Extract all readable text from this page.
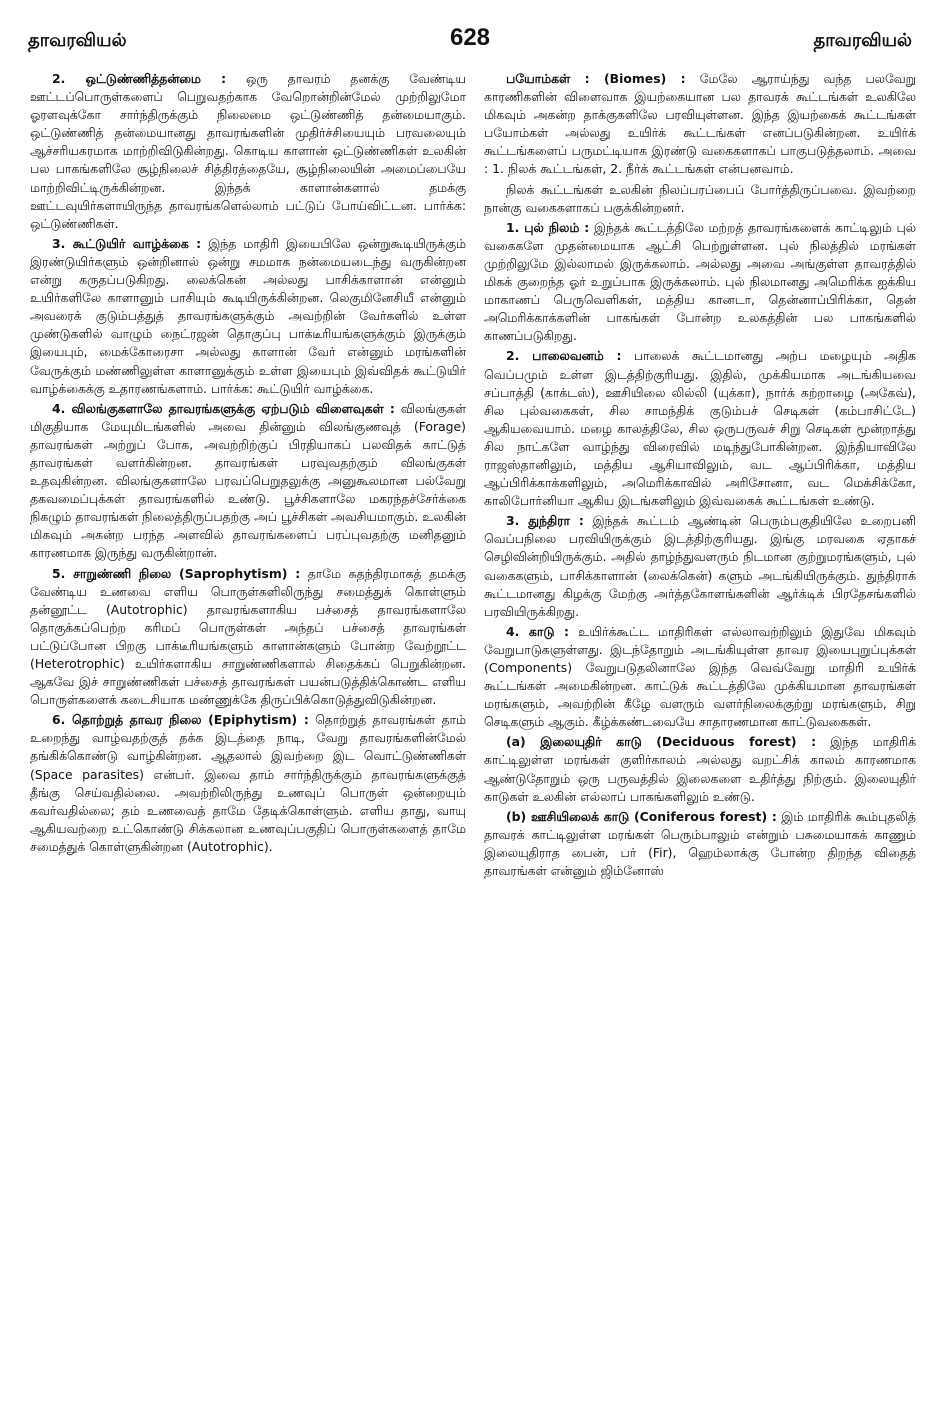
தாவரவியல்	628	தாவரவியல்

2. ஒட்டுண்ணித்தன்மை : ஒரு தாவரம் தனக்கு வேண்டிய ஊட்டப்பொருள்களைப் பெறுவதற்காக வேறொன்றின்மேல் முற்றிலுமோ ஓரளவுக்கோ சார்ந்திருக்கும் நிலைமை ஒட்டுண்ணித் தன்மையாகும். ஒட்டுண்ணித் தன்மையானது தாவரங்களின் முதிர்ச்சியையும் பரவலையும் ஆச்சரியகரமாக மாற்றிவிடுகின்றது. கொடிய காளான் ஒட்டுண்ணிகள் உலகின் பல பாகங்களிலே சூழ்நிலைச் சித்திரத்தையே, சூழ்நிலையின் அமைப்பையே மாற்றிவிட்டிருக்கின்றன. இந்தக் காளான்களால் தமக்கு ஊட்டவுயிர்களாயிருந்த தாவரங்களெல்லாம் பட்டுப் போய்விட்டன. பார்க்க: ஒட்டுண்ணிகள்.

3. கூட்டுயிர் வாழ்க்கை : இந்த மாதிரி இயைபிலே ஒன்றுகூடியிருக்கும் இரண்டுயிர்களும் ஒன்றினால் ஒன்று சமமாக நன்மையடைந்து வருகின்றன என்று கருதப்படுகிறது. லைக்கென் அல்லது பாசிக்காளான் என்னும் உயிர்களிலே காளானும் பாசியும் கூடியிருக்கின்றன. லெகுமினேசியீ என்னும் அவரைக் குடும்பத்துத் தாவரங்களுக்கும் அவற்றின் வேர்களில் உள்ள முண்டுகளில் வாழும் நைட்ரஜன் தொகுப்பு பாக்டீரியங்களுக்கும் இருக்கும் இயைபும், மைக்கோரைசா அல்லது காளான் வேர் என்னும் மரங்களின் வேருக்கும் மண்ணிலுள்ள காளானுக்கும் உள்ள இயைபும் இவ்விதக் கூட்டுயிர் வாழ்க்கைக்கு உதாரணங்களாம். பார்க்க: கூட்டுயிர் வாழ்க்கை.

4. விலங்குகளாலே தாவரங்களுக்கு ஏற்படும் விளைவுகள் : விலங்குகள் மிகுதியாக மேயுமிடங்களில் அவை தின்னும் விலங்குணவுத் (Forage) தாவரங்கள் அற்றுப் போக, அவற்றிற்குப் பிரதியாகப் பலவிதக் காட்டுத் தாவரங்கள் வளர்கின்றன. தாவரங்கள் பரவுவதற்கும் விலங்குகள் உதவுகின்றன. விலங்குகளாலே பரவப்பெறுதலுக்கு அனுகூலமான பல்வேறு தகவமைப்புக்கள் தாவரங்களில் உண்டு. பூச்சிகளாலே மகரந்தச்சேர்க்கை நிகழும் தாவரங்கள் நிலைத்திருப்பதற்கு அப் பூச்சிகள் அவசியமாகும். உலகின் மிகவும் அகன்ற பரந்த அளவில் தாவரங்களைப் பரப்புவதற்கு மனிதனும் காரணமாக இருந்து வருகின்றான்.

5. சாறுண்ணி நிலை (Saprophytism) : தாமே சுதந்திரமாகத் தமக்கு வேண்டிய உணவை எளிய பொருள்களிலிருந்து சமைத்துக் கொள்ளும் தன்னூட்ட (Autotrophic) தாவரங்களாகிய பச்சைத் தாவரங்களாலே தொகுக்கப்பெற்ற கரிமப் பொருள்கள் அந்தப் பச்சைத் தாவரங்கள் பட்டுப்போன பிறகு பாக்டீரியங்களும் காளான்களும் போன்ற வேற்றூட்ட (Heterotrophic) உயிர்களாகிய சாறுண்ணிகளால் சிதைக்கப் பெறுகின்றன. ஆகவே இச் சாறுண்ணிகள் பச்சைத் தாவரங்கள் பயன்படுத்திக்கொண்ட எளிய பொருள்களைக் கடைசியாக மண்ணுக்கே திருப்பிக்கொடுத்துவிடுகின்றன.

6. தொற்றுத் தாவர நிலை (Epiphytism) : தொற்றுத் தாவரங்கள் தாம் உறைந்து வாழ்வதற்குத் தக்க இடத்தை நாடி, வேறு தாவரங்களின்மேல் தங்கிக்கொண்டு வாழ்கின்றன. ஆதலால் இவற்றை இட வொட்டுண்ணிகள் (Space parasites) என்பர். இவை தாம் சார்ந்திருக்கும் தாவரங்களுக்குத் தீங்கு செய்வதில்லை. அவற்றிலிருந்து உணவுப் பொருள் ஒன்றையும் கவர்வதில்லை; தம் உணவைத் தாமே தேடிக்கொள்ளும். எளிய தாது, வாயு ஆகியவற்றை உட்கொண்டு சிக்கலான உணவுப்பகுதிப் பொருள்களைத் தாமே சமைத்துக் கொள்ளுகின்றன (Autotrophic).

பயோம்கள் : (Biomes) : மேலே ஆராய்ந்து வந்த பலவேறு காரணிகளின் விளைவாக இயற்கையான பல தாவரக் கூட்டங்கள் உலகிலே மிகவும் அகன்ற தாக்குகளிலே பரவியுள்ளன. இந்த இயற்கைக் கூட்டங்கள் பயோம்கள் அல்லது உயிர்க் கூட்டங்கள் எனப்படுகின்றன. உயிர்க் கூட்டங்களைப் பருமட்டியாக இரண்டு வகைகளாகப் பாகுபடுத்தலாம். அவை : 1. நிலக் கூட்டங்கள், 2. நீர்க் கூட்டங்கள் என்பனவாம்.

நிலக் கூட்டங்கள் உலகின் நிலப்பரப்பைப் போர்த்திருப்பவை. இவற்றை நான்கு வகைகளாகப் பகுக்கின்றனர்.

1. புல் நிலம் : இந்தக் கூட்டத்திலே மற்றத் தாவரங்களைக் காட்டிலும் புல் வகைகளே முதன்மையாக ஆட்சி பெற்றுள்ளன. புல் நிலத்தில் மரங்கள் முற்றிலுமே இல்லாமல் இருக்கலாம். அல்லது அவை அங்குள்ள தாவரத்தில் மிகக் குறைந்த ஓர் உறுப்பாக இருக்கலாம். புல் நிலமானது அமெரிக்க ஐக்கிய மாகாணப் பெருவெளிகள், மத்திய கானடா, தென்னாப்பிரிக்கா, தென் அமெரிக்காக்களின் பாகங்கள் போன்ற உலகத்தின் பல பாகங்களில் காணப்படுகிறது.

2. பாலைவனம் : பாலைக் கூட்டமானது அற்ப மழையும் அதிக வெப்பமும் உள்ள இடத்திற்குரியது. இதில், முக்கியமாக அடங்கியவை சப்பாத்தி (காக்டஸ்), ஊசியிலை லில்லி (யுக்கா), நார்க் கற்றாழை (அகேவ்), சில புல்வகைகள், சில சாமந்திக் குடும்பச் செடிகள் (கம்பாசிட்டே) ஆகியவையாம். மழை காலத்திலே, சில ஒருபருவச் சிறு செடிகள் மூன்றாத்து சில நாட்களே வாழ்ந்து விரைவில் மடிந்துபோகின்றன. இந்தியாவிலே ராஜஸ்தானிலும், மத்திய ஆசியாவிலும், வட ஆப்பிரிக்கா, மத்திய ஆப்பிரிக்காக்களிலும், அமெரிக்காவில் அரிசோனா, வட மெக்சிக்கோ, காலிபோர்னியா ஆகிய இடங்களிலும் இவ்வகைக் கூட்டங்கள் உண்டு.

3. துந்திரா : இந்தக் கூட்டம் ஆண்டின் பெரும்பகுதியிலே உறைபனி வெப்பநிலை பரவியிருக்கும் இடத்திற்குரியது. இங்கு மரவகை ஏதாகச் செழிவின்றியிருக்கும். அதில் தாழ்ந்துவளரும் நிடமான குற்றுமரங்களும், புல் வகைகளும், பாசிக்காளான் (லைக்கென்) களும் அடங்கியிருக்கும். துந்திராக் கூட்டமானது கிழக்கு மேற்கு அர்த்தகோளங்களின் ஆர்க்டிக் பிரதேசங்களில் பரவியிருக்கிறது.

4. காடு : உயிர்க்கூட்ட மாதிரிகள் எல்லாவற்றிலும் இதுவே மிகவும் வேறுபாடுகளுள்ளது. இடந்தோறும் அடங்கியுள்ள தாவர இயைபுறுப்புக்கள் (Components) வேறுபடுதலினாலே இந்த வெவ்வேறு மாதிரி உயிர்க் கூட்டங்கள் அமைகின்றன. காட்டுக் கூட்டத்திலே முக்கியமான தாவரங்கள் மரங்களும், அவற்றின் கீழே வளரும் வளர்நிலைக்குற்று மரங்களும், சிறு செடிகளும் ஆகும். கீழ்க்கண்டவையே சாதாரணமான காட்டுவகைகள்.

(a) இலையுதிர் காடு (Deciduous forest) : இந்த மாதிரிக் காட்டிலுள்ள மரங்கள் குளிர்காலம் அல்லது வறட்சிக் காலம் காரணமாக ஆண்டுதோறும் ஒரு பருவத்தில் இலைகளை உதிர்த்து நிற்கும். இலையுதிர் காடுகள் உலகின் எல்லாப் பாகங்களிலும் உண்டு.

(b) ஊசியிலைக் காடு (Coniferous forest) : இம் மாதிரிக் கூம்புதலித் தாவரக் காட்டிலுள்ள மரங்கள் பெரும்பாலும் என்றும் பசுமையாகக் காணும் இலையுதிராத பைன், பர் (Fir), ஹெம்லாக்கு போன்ற திறந்த விதைத் தாவரங்கள் என்னும் ஜிம்னோஸ்
